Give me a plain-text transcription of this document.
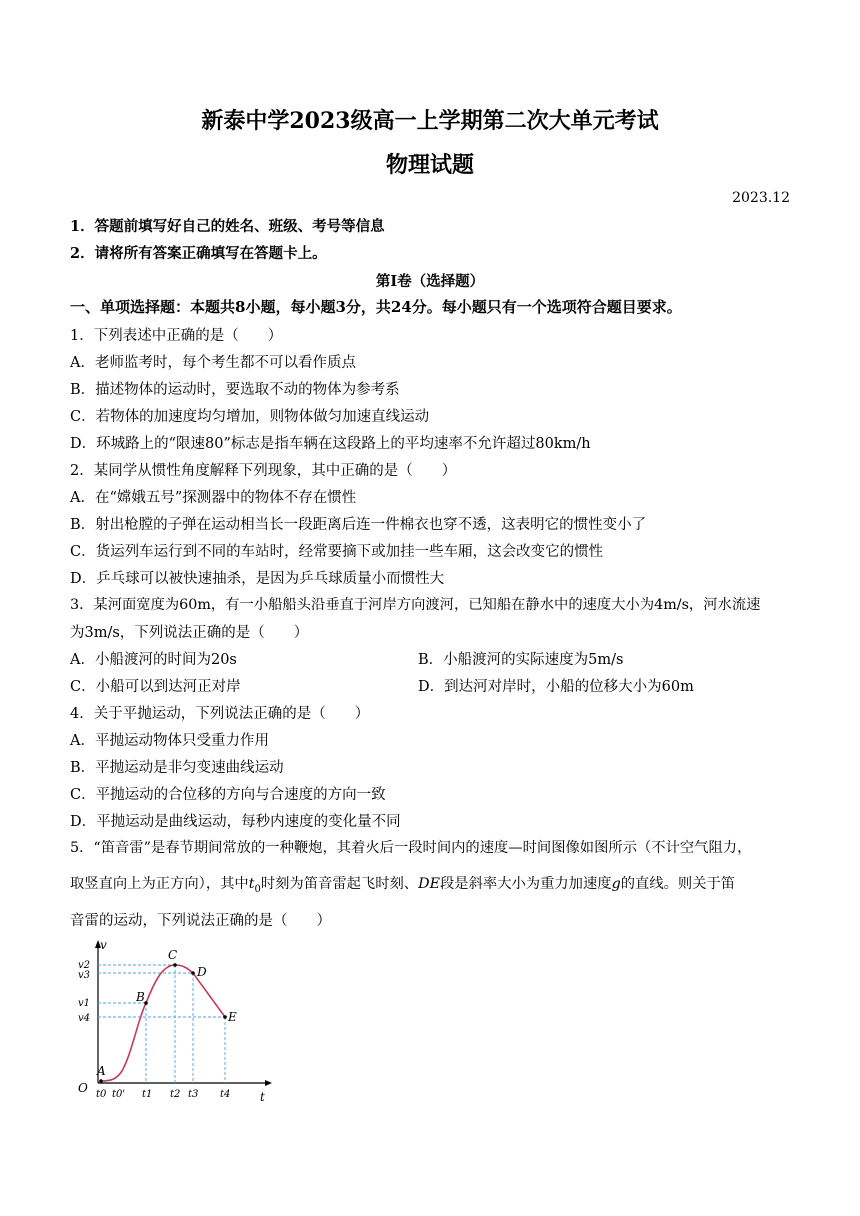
新泰中学2023级高一上学期第二次大单元考试
物理试题
2023.12
1．答题前填写好自己的姓名、班级、考号等信息
2．请将所有答案正确填写在答题卡上。
第I卷（选择题）
一、单项选择题：本题共8小题，每小题3分，共24分。每小题只有一个选项符合题目要求。
1．下列表述中正确的是（　　）
A．老师监考时，每个考生都不可以看作质点
B．描述物体的运动时，要选取不动的物体为参考系
C．若物体的加速度均匀增加，则物体做匀加速直线运动
D．环城路上的“限速80”标志是指车辆在这段路上的平均速率不允许超过80km/h
2．某同学从惯性角度解释下列现象，其中正确的是（　　）
A．在“嫦娥五号”探测器中的物体不存在惯性
B．射出枪膛的子弹在运动相当长一段距离后连一件棉衣也穿不透，这表明它的惯性变小了
C．货运列车运行到不同的车站时，经常要摘下或加挂一些车厢，这会改变它的惯性
D．乒乓球可以被快速抽杀，是因为乒乓球质量小而惯性大
3．某河面宽度为60m，有一小船船头沿垂直于河岸方向渡河，已知船在静水中的速度大小为4m/s，河水流速
为3m/s，下列说法正确的是（　　）
A．小船渡河的时间为20s	B．小船渡河的实际速度为5m/s
C．小船可以到达河正对岸	D．到达河对岸时，小船的位移大小为60m
4．关于平抛运动，下列说法正确的是（　　）
A．平抛运动物体只受重力作用
B．平抛运动是非匀变速曲线运动
C．平抛运动的合位移的方向与合速度的方向一致
D．平抛运动是曲线运动，每秒内速度的变化量不同
5．“笛音雷”是春节期间常放的一种鞭炮，其着火后一段时间内的速度—时间图像如图所示（不计空气阻力，
取竖直向上为正方向），其中$t_0$时刻为笛音雷起飞时刻、DE段是斜率大小为重力加速度g的直线。则关于笛
音雷的运动，下列说法正确的是（　　）
v
t
O
A
B
C
D
E
v2
v3
v1
v4
t0 t0' t1 t2 t3 t4
